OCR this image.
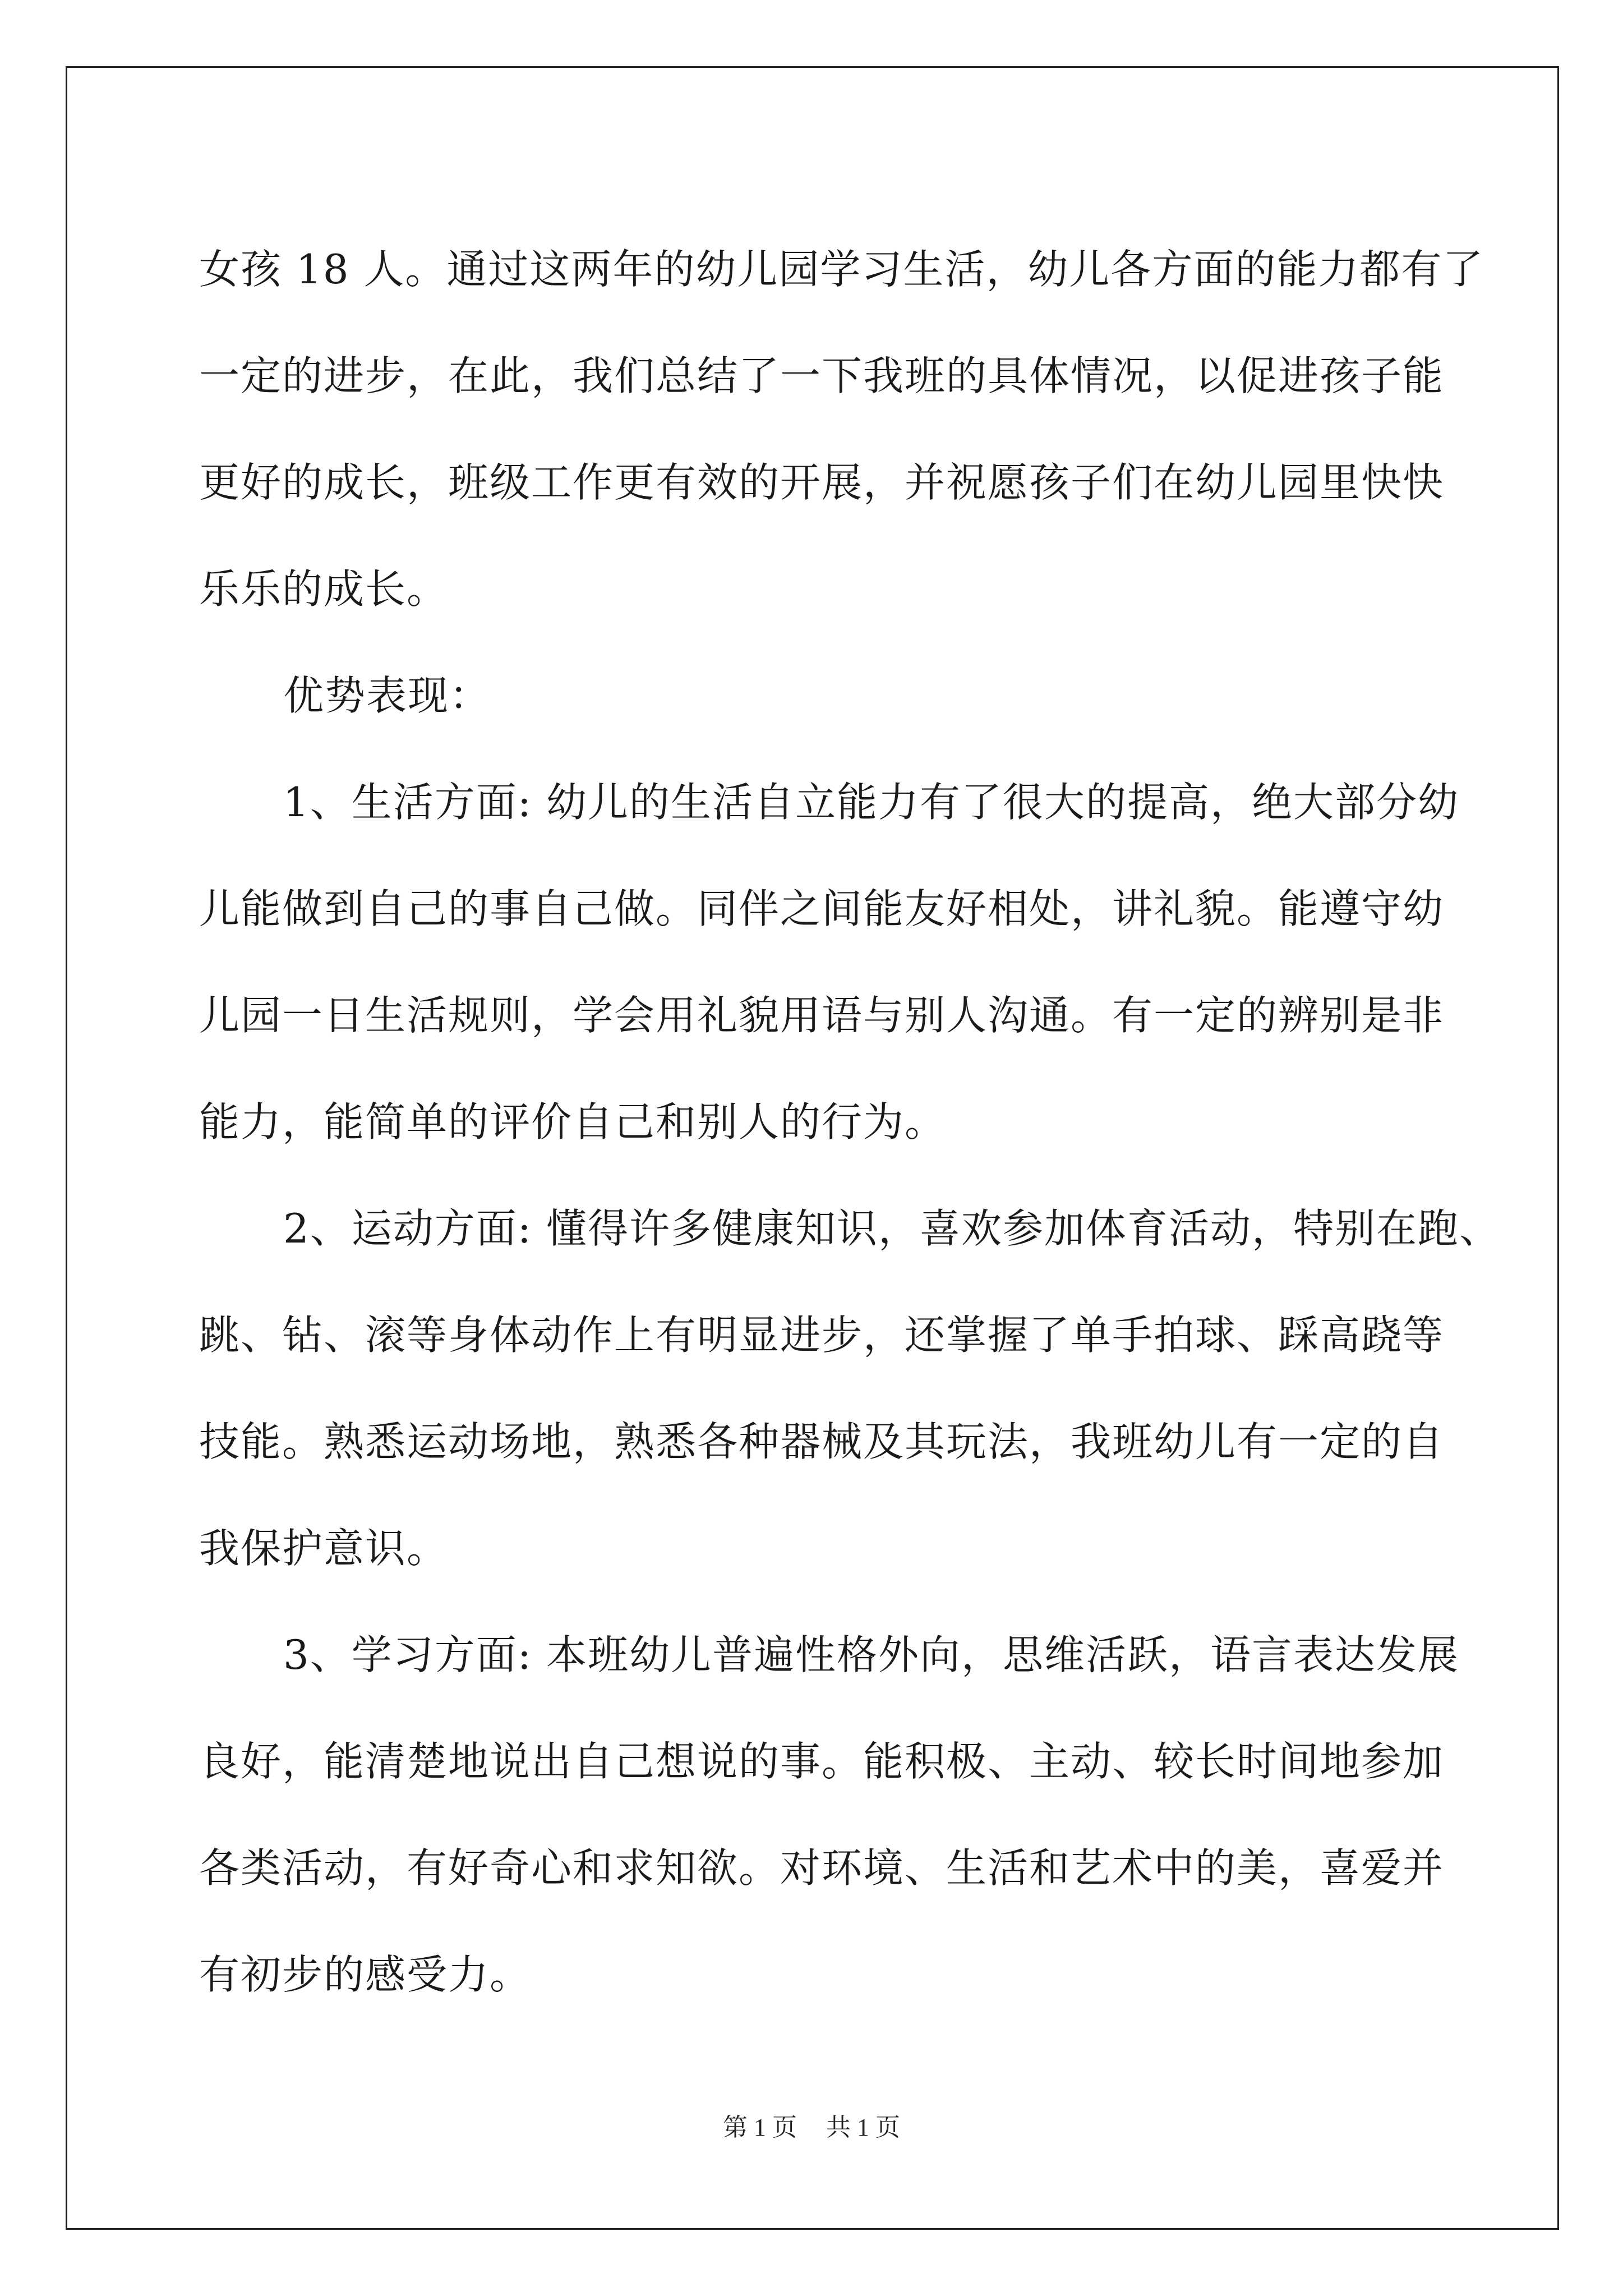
女孩 18 人。通过这两年的幼儿园学习生活，幼儿各方面的能力都有了
一定的进步，在此，我们总结了一下我班的具体情况，以促进孩子能
更好的成长，班级工作更有效的开展，并祝愿孩子们在幼儿园里快快
乐乐的成长。
优势表现：
1、生活方面: 幼儿的生活自立能力有了很大的提高，绝大部分幼
儿能做到自己的事自己做。同伴之间能友好相处，讲礼貌。能遵守幼
儿园一日生活规则，学会用礼貌用语与别人沟通。有一定的辨别是非
能力，能简单的评价自己和别人的行为。
2、运动方面: 懂得许多健康知识，喜欢参加体育活动，特别在跑、
跳、钻、滚等身体动作上有明显进步，还掌握了单手拍球、踩高跷等
技能。熟悉运动场地，熟悉各种器械及其玩法，我班幼儿有一定的自
我保护意识。
3、学习方面: 本班幼儿普遍性格外向，思维活跃，语言表达发展
良好，能清楚地说出自己想说的事。能积极、主动、较长时间地参加
各类活动，有好奇心和求知欲。对环境、生活和艺术中的美，喜爱并
有初步的感受力。
第 1 页 共 1 页
